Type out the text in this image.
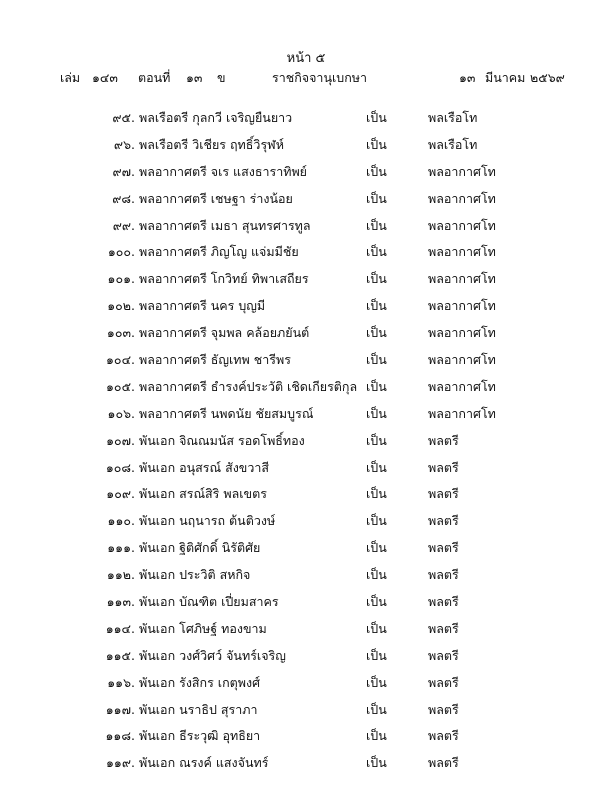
หน้า ๕
เล่ม ๑๔๓ ตอนที่ ๑๓ ข	ราชกิจจานุเบกษา	๑๓ มีนาคม ๒๕๖๙
๙๕. พลเรือตรี กุลกวี เจริญยืนยาว	เป็น	พลเรือโท
๙๖. พลเรือตรี วิเชียร ฤทธิ์วิรุฬห์	เป็น	พลเรือโท
๙๗. พลอากาศตรี จเร แสงธาราทิพย์	เป็น	พลอากาศโท
๙๘. พลอากาศตรี เชษฐา ร่างน้อย	เป็น	พลอากาศโท
๙๙. พลอากาศตรี เมธา สุนทรศารทูล	เป็น	พลอากาศโท
๑๐๐. พลอากาศตรี ภิญโญ แจ่มมีชัย	เป็น	พลอากาศโท
๑๐๑. พลอากาศตรี โกวิทย์ ทิพาเสถียร	เป็น	พลอากาศโท
๑๐๒. พลอากาศตรี นคร บุญมี	เป็น	พลอากาศโท
๑๐๓. พลอากาศตรี จุมพล คล้อยภยันต์	เป็น	พลอากาศโท
๑๐๔. พลอากาศตรี ธัญเทพ ชารีพร	เป็น	พลอากาศโท
๑๐๕. พลอากาศตรี ธำรงค์ประวัติ เชิดเกียรติกุล เป็น	พลอากาศโท
๑๐๖. พลอากาศตรี นพดนัย ชัยสมบูรณ์	เป็น	พลอากาศโท
๑๐๗. พันเอก จิณณมนัส รอดโพธิ์ทอง	เป็น	พลตรี
๑๐๘. พันเอก อนุสรณ์ สังขวาสี	เป็น	พลตรี
๑๐๙. พันเอก สรณ์สิริ พลเขตร	เป็น	พลตรี
๑๑๐. พันเอก นฤนารถ ต้นติวงษ์	เป็น	พลตรี
๑๑๑. พันเอก ฐิติศักดิ์ นิรัติศัย	เป็น	พลตรี
๑๑๒. พันเอก ประวิติ สหกิจ	เป็น	พลตรี
๑๑๓. พันเอก บัณฑิต เปี่ยมสาคร	เป็น	พลตรี
๑๑๔. พันเอก โศภิษฐ์ ทองขาม	เป็น	พลตรี
๑๑๕. พันเอก วงศ์วิศว์ จันทร์เจริญ	เป็น	พลตรี
๑๑๖. พันเอก รังสิกร เกตุพงศ์	เป็น	พลตรี
๑๑๗. พันเอก นราธิป สุราภา	เป็น	พลตรี
๑๑๘. พันเอก ธีระวุฒิ อุทธิยา	เป็น	พลตรี
๑๑๙. พันเอก ณรงค์ แสงจันทร์	เป็น	พลตรี
